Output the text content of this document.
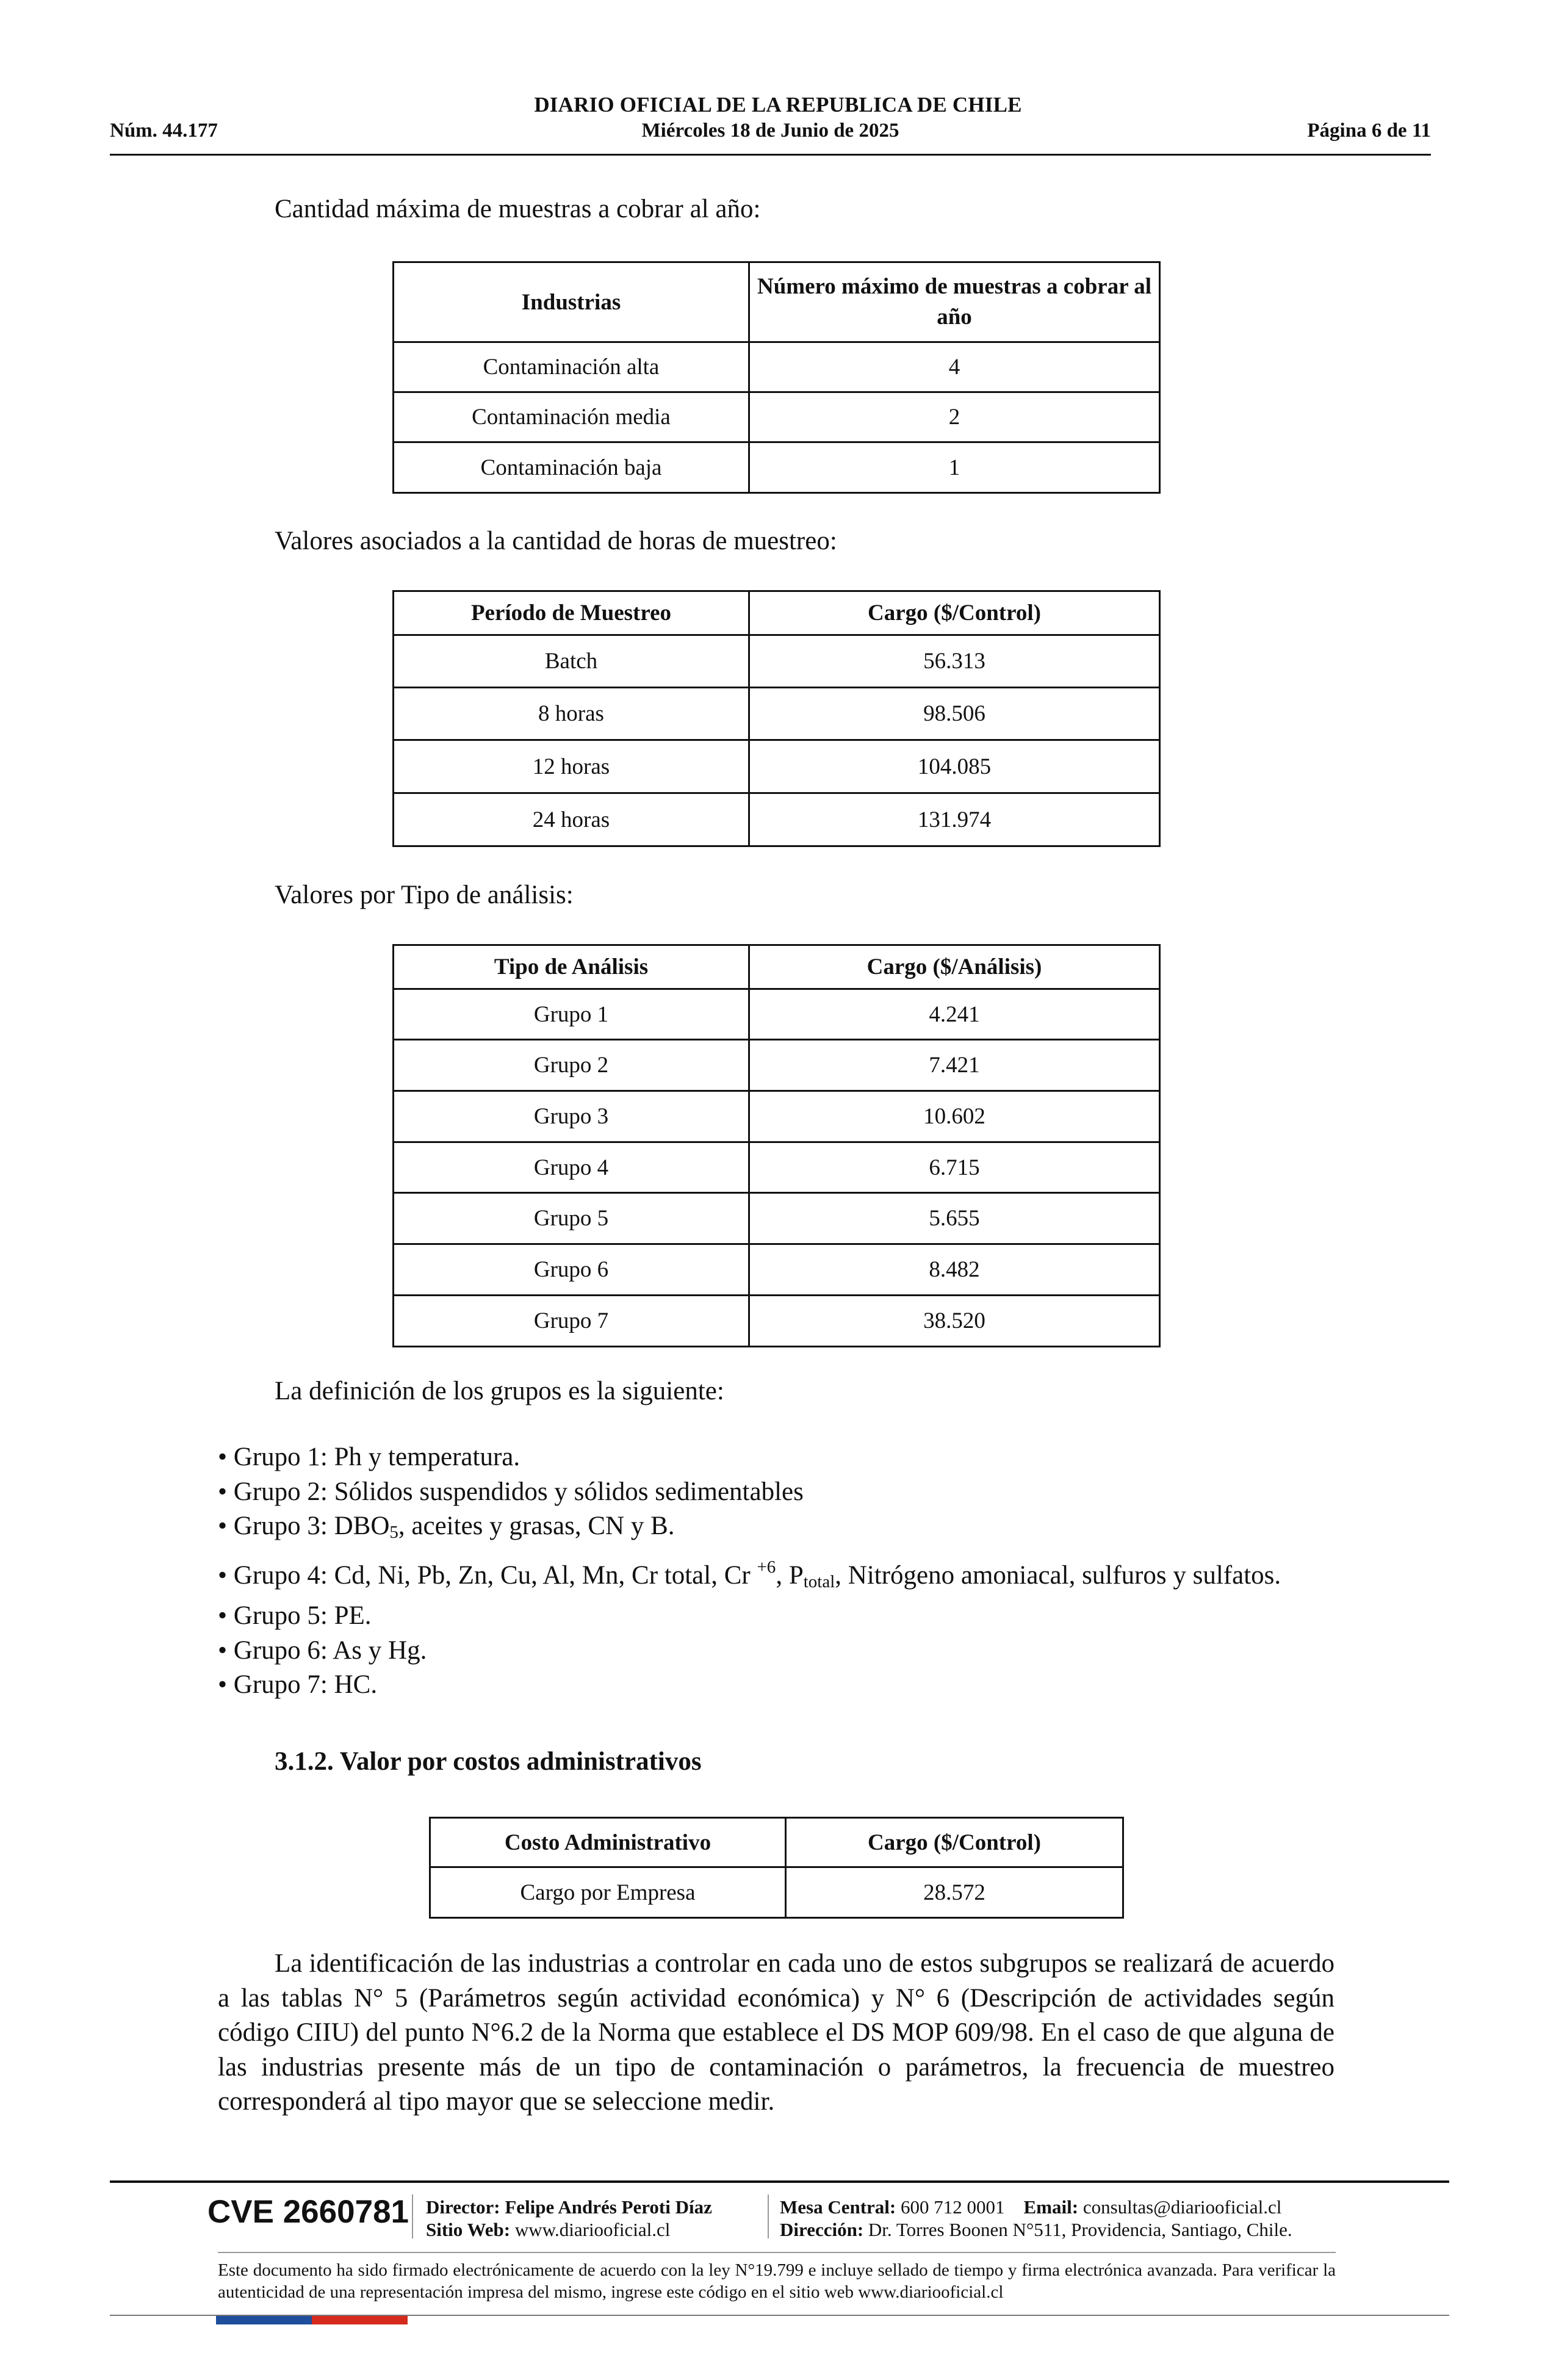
DIARIO OFICIAL DE LA REPUBLICA DE CHILE
Núm. 44.177	Miércoles 18 de Junio de 2025	Página 6 de 11
Cantidad máxima de muestras a cobrar al año:
Industrias	Número máximo de muestras a cobrar al año
Contaminación alta	4
Contaminación media	2
Contaminación baja	1
Valores asociados a la cantidad de horas de muestreo:
Período de Muestreo	Cargo ($/Control)
Batch	56.313
8 horas	98.506
12 horas	104.085
24 horas	131.974
Valores por Tipo de análisis:
Tipo de Análisis	Cargo ($/Análisis)
Grupo 1	4.241
Grupo 2	7.421
Grupo 3	10.602
Grupo 4	6.715
Grupo 5	5.655
Grupo 6	8.482
Grupo 7	38.520
La definición de los grupos es la siguiente:
• Grupo 1: Ph y temperatura.
• Grupo 2: Sólidos suspendidos y sólidos sedimentables
• Grupo 3: $DBO_5$, aceites y grasas, CN y B.
• Grupo 4: Cd, Ni, Pb, Zn, Cu, Al, Mn, Cr total, Cr $^{+6}$, $P_{total}$, Nitrógeno amoniacal, sulfuros y sulfatos.
• Grupo 5: PE.
• Grupo 6: As y Hg.
• Grupo 7: HC.
3.1.2. Valor por costos administrativos
Costo Administrativo	Cargo ($/Control)
Cargo por Empresa	28.572
La identificación de las industrias a controlar en cada uno de estos subgrupos se realizará de acuerdo a las tablas N° 5 (Parámetros según actividad económica) y N° 6 (Descripción de actividades según código CIIU) del punto N°6.2 de la Norma que establece el DS MOP 609/98. En el caso de que alguna de las industrias presente más de un tipo de contaminación o parámetros, la frecuencia de muestreo corresponderá al tipo mayor que se seleccione medir.
CVE 2660781 Director: Felipe Andrés Peroti Díaz
Sitio Web: www.diariooficial.cl
Mesa Central: 600 712 0001 Email: consultas@diariooficial.cl
Dirección: Dr. Torres Boonen N°511, Providencia, Santiago, Chile.
Este documento ha sido firmado electrónicamente de acuerdo con la ley N°19.799 e incluye sellado de tiempo y firma electrónica avanzada. Para verificar la autenticidad de una representación impresa del mismo, ingrese este código en el sitio web www.diariooficial.cl
